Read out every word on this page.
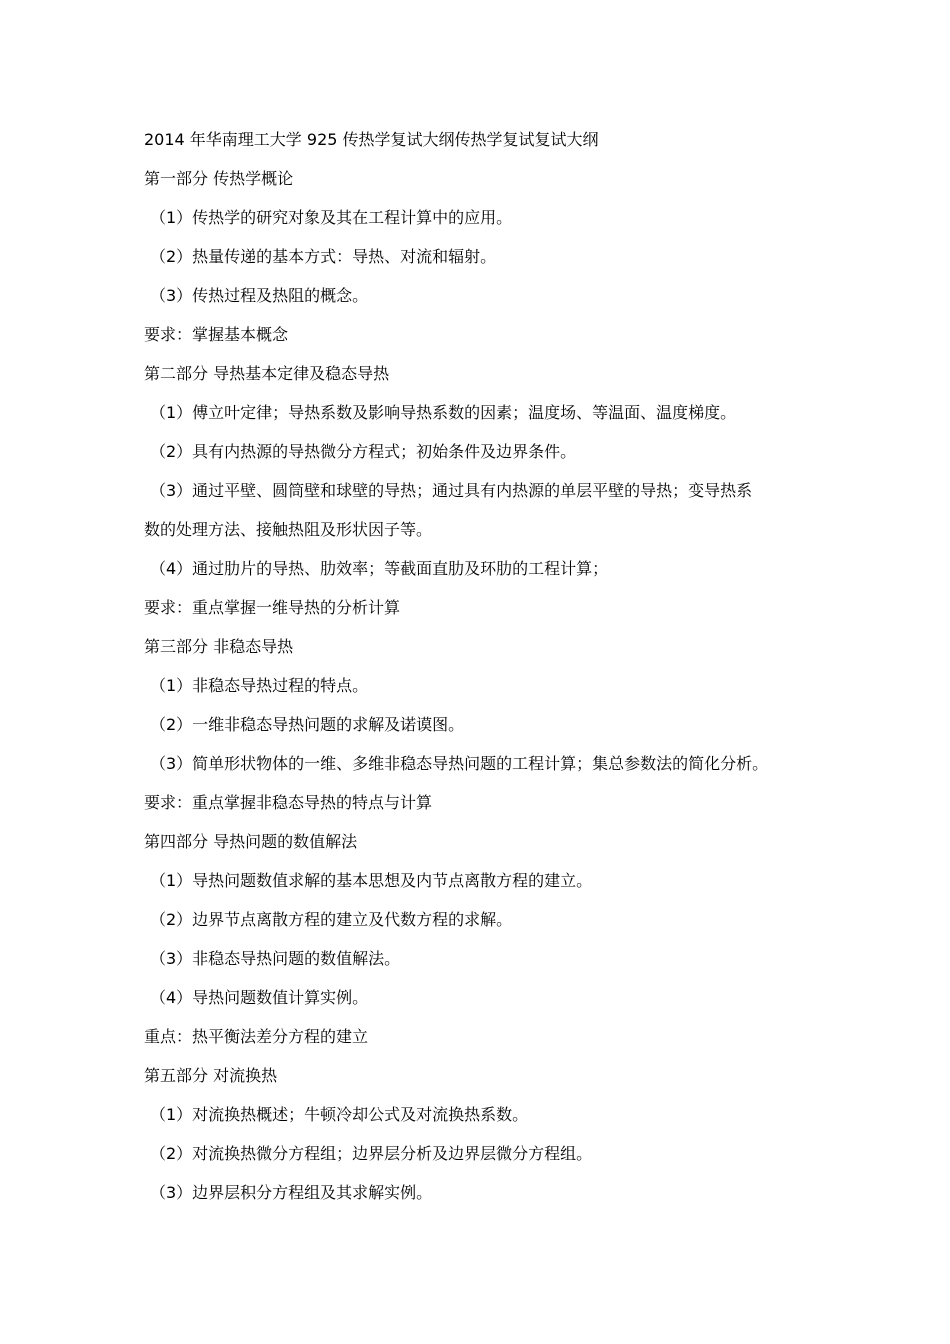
2014 年华南理工大学 925 传热学复试大纲传热学复试复试大纲
第一部分 传热学概论
（1）传热学的研究对象及其在工程计算中的应用。
（2）热量传递的基本方式：导热、对流和辐射。
（3）传热过程及热阻的概念。
要求：掌握基本概念
第二部分 导热基本定律及稳态导热
（1）傅立叶定律；导热系数及影响导热系数的因素；温度场、等温面、温度梯度。
（2）具有内热源的导热微分方程式；初始条件及边界条件。
（3）通过平壁、圆筒壁和球壁的导热；通过具有内热源的单层平壁的导热；变导热系
数的处理方法、接触热阻及形状因子等。
（4）通过肋片的导热、肋效率；等截面直肋及环肋的工程计算；
要求：重点掌握一维导热的分析计算
第三部分 非稳态导热
（1）非稳态导热过程的特点。
（2）一维非稳态导热问题的求解及诺谟图。
（3）简单形状物体的一维、多维非稳态导热问题的工程计算；集总参数法的简化分析。
要求：重点掌握非稳态导热的特点与计算
第四部分 导热问题的数值解法
（1）导热问题数值求解的基本思想及内节点离散方程的建立。
（2）边界节点离散方程的建立及代数方程的求解。
（3）非稳态导热问题的数值解法。
（4）导热问题数值计算实例。
重点：热平衡法差分方程的建立
第五部分 对流换热
（1）对流换热概述；牛顿冷却公式及对流换热系数。
（2）对流换热微分方程组；边界层分析及边界层微分方程组。
（3）边界层积分方程组及其求解实例。
